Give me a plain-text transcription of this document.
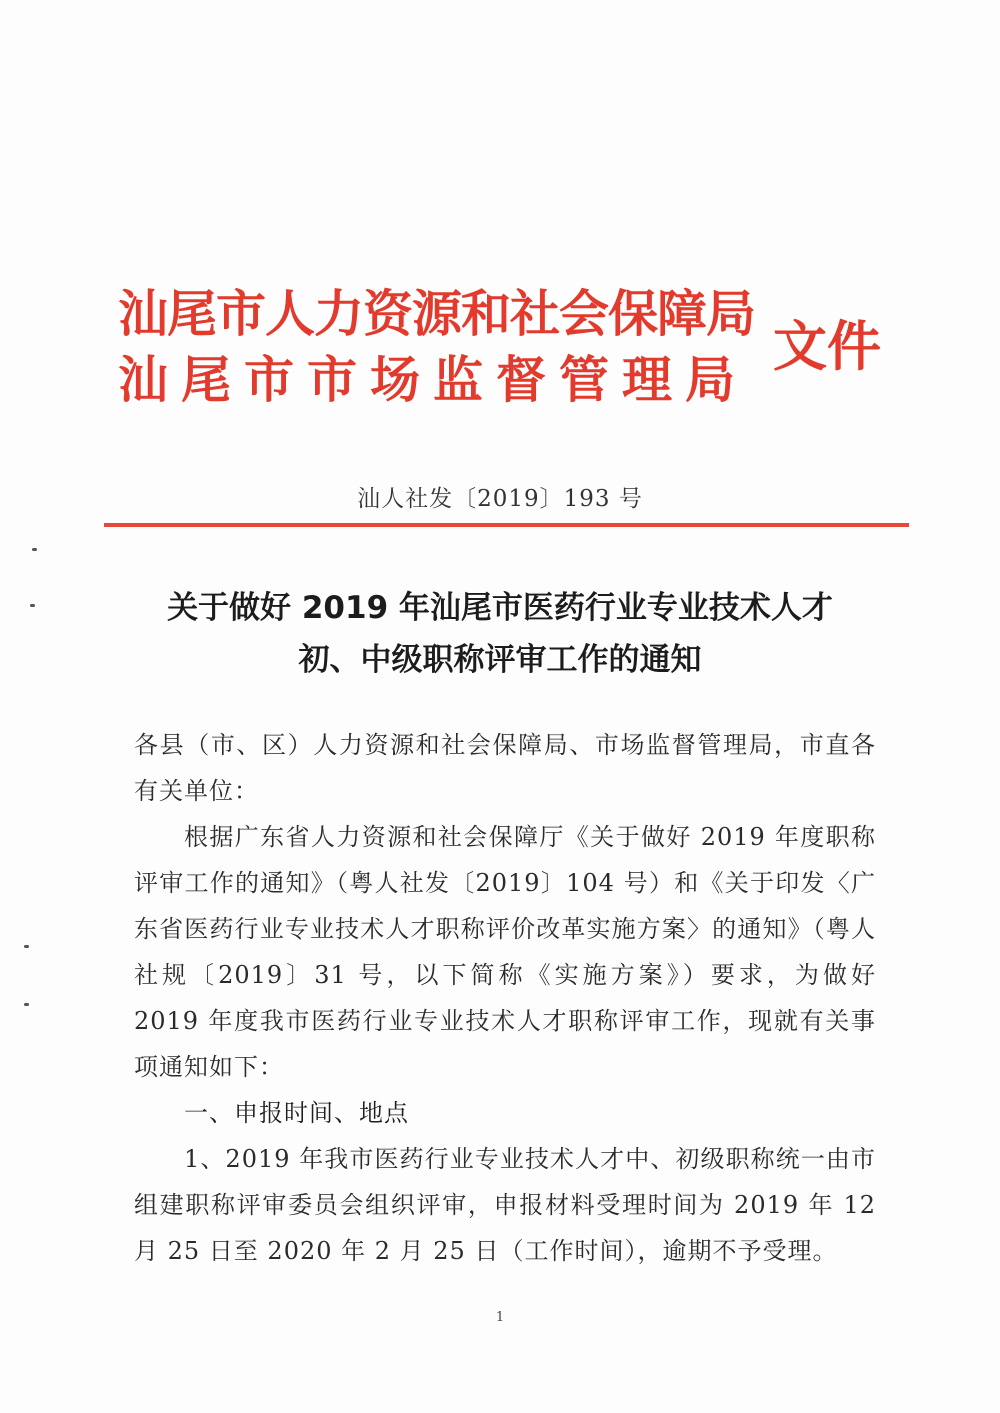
汕尾市人力资源和社会保障局
汕尾市市场监督管理局
文件
汕人社发〔2019〕193 号
关于做好 2019 年汕尾市医药行业专业技术人才
初、中级职称评审工作的通知

各县（市、区）人力资源和社会保障局、市场监督管理局，市直各有关单位：

根据广东省人力资源和社会保障厅《关于做好 2019 年度职称评审工作的通知》（粤人社发〔2019〕104 号）和《关于印发〈广东省医药行业专业技术人才职称评价改革实施方案〉的通知》（粤人社规〔2019〕31 号，以下简称《实施方案》）要求，为做好 2019 年度我市医药行业专业技术人才职称评审工作，现就有关事项通知如下：

一、申报时间、地点

1、2019 年我市医药行业专业技术人才中、初级职称统一由市组建职称评审委员会组织评审，申报材料受理时间为 2019 年 12 月 25 日至 2020 年 2 月 25 日（工作时间），逾期不予受理。

1
